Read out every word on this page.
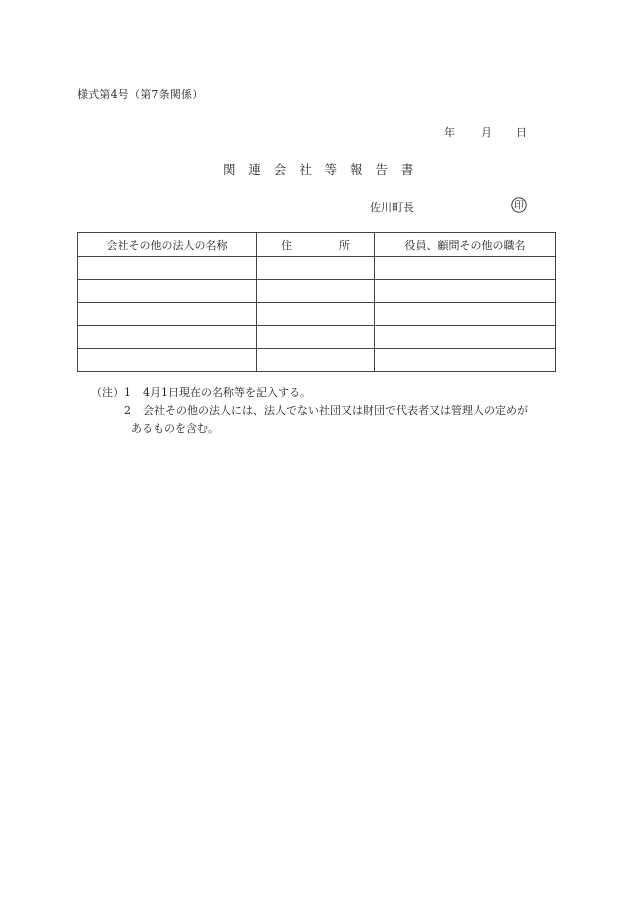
様式第4号（第7条関係）
年 月 日
関　連　会　社　等　報　告　書
佐川町長	印
会社その他の法人の名称	住 所	役員、顧問その他の職名

（注） 1 4月1日現在の名称等を記入する。
2 会社その他の法人には、法人でない社団又は財団で代表者又は管理人の定めが
あるものを含む。
